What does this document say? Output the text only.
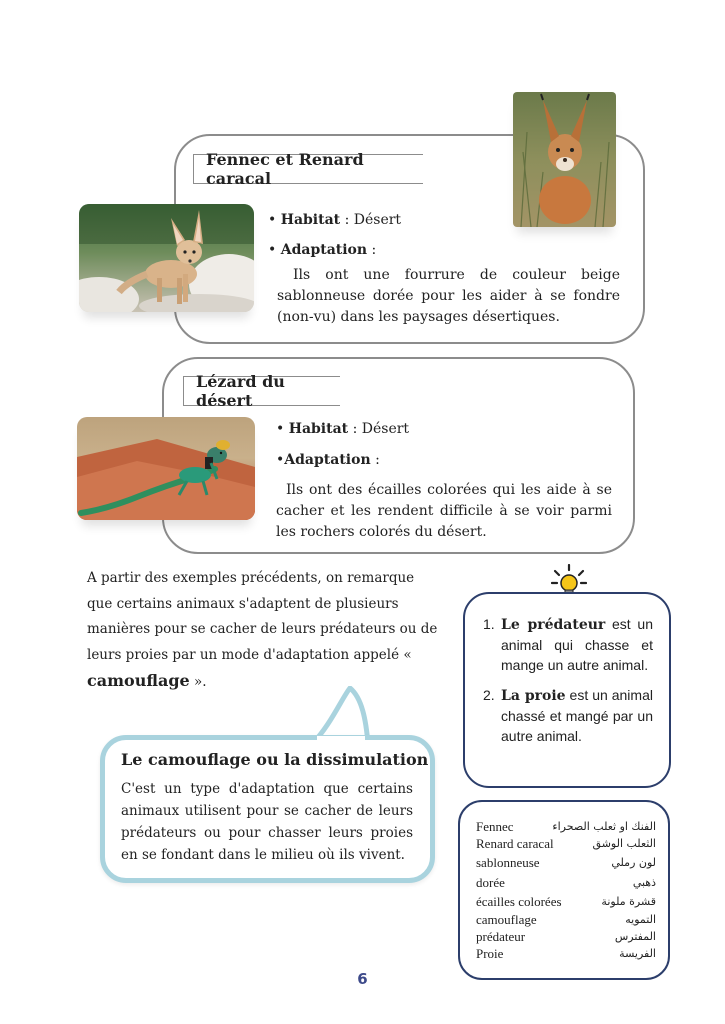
Fennec et Renard caracal
• Habitat : Désert
• Adaptation :
Ils ont une fourrure de couleur beige sablonneuse dorée pour les aider à se fondre (non-vu) dans les paysages désertiques.
Lézard du désert
• Habitat : Désert
•Adaptation :
Ils ont des écailles colorées qui les aide à se cacher et les rendent difficile à se voir parmi les rochers colorés du désert.
A partir des exemples précédents, on remarque que certains animaux s'adaptent de plusieurs manières pour se cacher de leurs prédateurs ou de leurs proies par un mode d'adaptation appelé « camouflage ».
Le camouflage ou la dissimulation
C'est un type d'adaptation que certains animaux utilisent pour se cacher de leurs prédateurs ou pour chasser leurs proies en se fondant dans le milieu où ils vivent.
1. Le prédateur est un animal qui chasse et mange un autre animal.
2. La proie est un animal chassé et mangé par un autre animal.
Fennec	الفنك او ثعلب الصحراء
Renard caracal	الثعلب الوشق
sablonneuse	لون رملي
dorée	ذهبي
écailles colorées	قشرة ملونة
camouflage	التمويه
prédateur	المفترس
Proie	الفريسة
6
